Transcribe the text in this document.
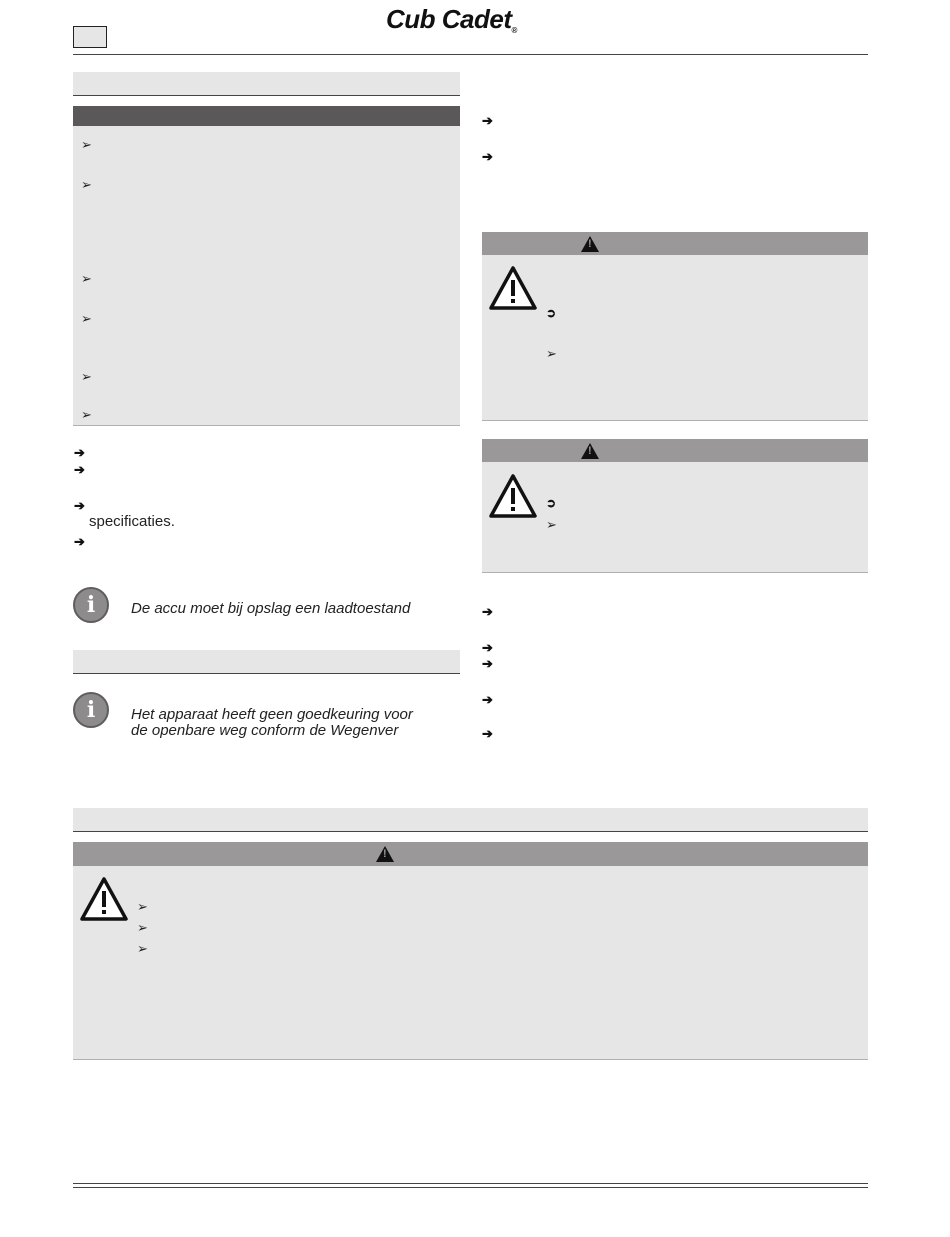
Cub Cadet®
➢
➢
➢
➢
➢
➢
➔
➔
➔
specificaties.
➔
i	De accu moet bij opslag een laadtoestand
i	Het apparaat heeft geen goedkeuring voor
de openbare weg conform de Wegenver
➔
➔
!
➲
➢
!
➲
➢
➔
➔
➔
➔
➔
!
➢
➢
➢
